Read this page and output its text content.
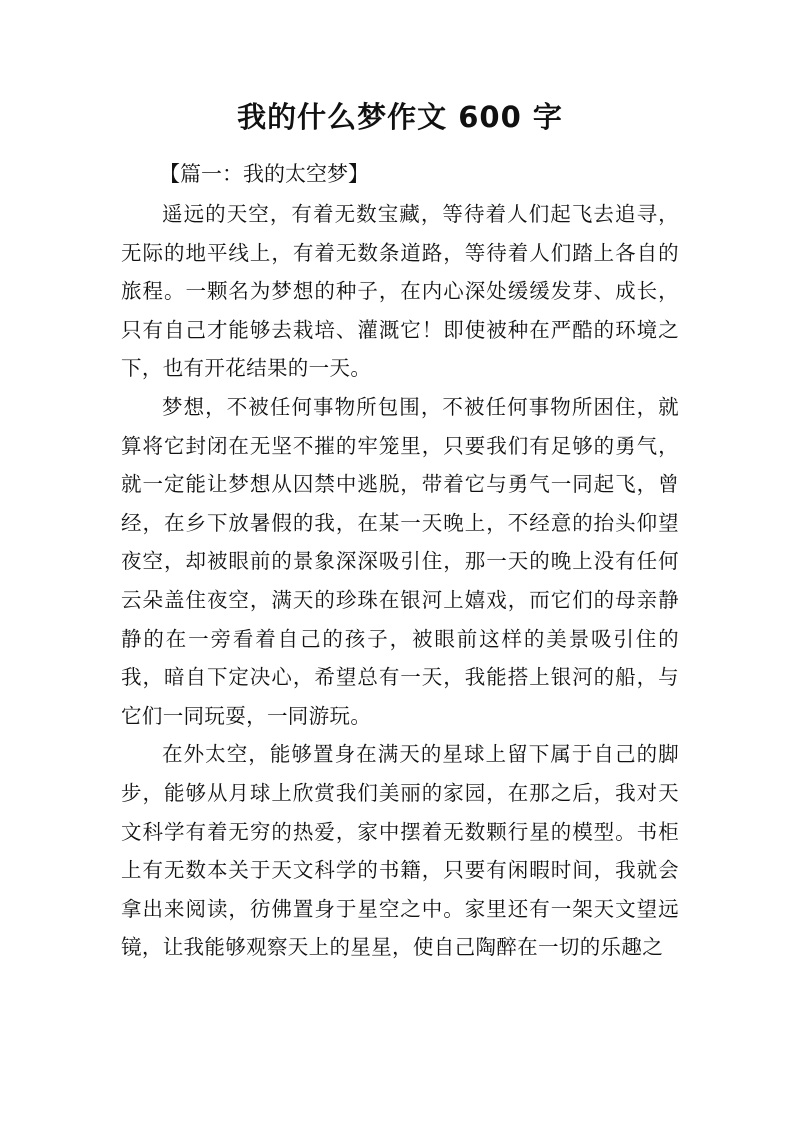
我的什么梦作文 600 字

【篇一：我的太空梦】

遥远的天空，有着无数宝藏，等待着人们起飞去追寻，无际的地平线上，有着无数条道路，等待着人们踏上各自的旅程。一颗名为梦想的种子，在内心深处缓缓发芽、成长，只有自己才能够去栽培、灌溉它！即使被种在严酷的环境之下，也有开花结果的一天。

梦想，不被任何事物所包围，不被任何事物所困住，就算将它封闭在无坚不摧的牢笼里，只要我们有足够的勇气，就一定能让梦想从囚禁中逃脱，带着它与勇气一同起飞，曾经，在乡下放暑假的我，在某一天晚上，不经意的抬头仰望夜空，却被眼前的景象深深吸引住，那一天的晚上没有任何云朵盖住夜空，满天的珍珠在银河上嬉戏，而它们的母亲静静的在一旁看着自己的孩子，被眼前这样的美景吸引住的我，暗自下定决心，希望总有一天，我能搭上银河的船，与它们一同玩耍，一同游玩。

在外太空，能够置身在满天的星球上留下属于自己的脚步，能够从月球上欣赏我们美丽的家园，在那之后，我对天文科学有着无穷的热爱，家中摆着无数颗行星的模型。书柜上有无数本关于天文科学的书籍，只要有闲暇时间，我就会拿出来阅读，彷佛置身于星空之中。家里还有一架天文望远镜，让我能够观察天上的星星，使自己陶醉在一切的乐趣之
